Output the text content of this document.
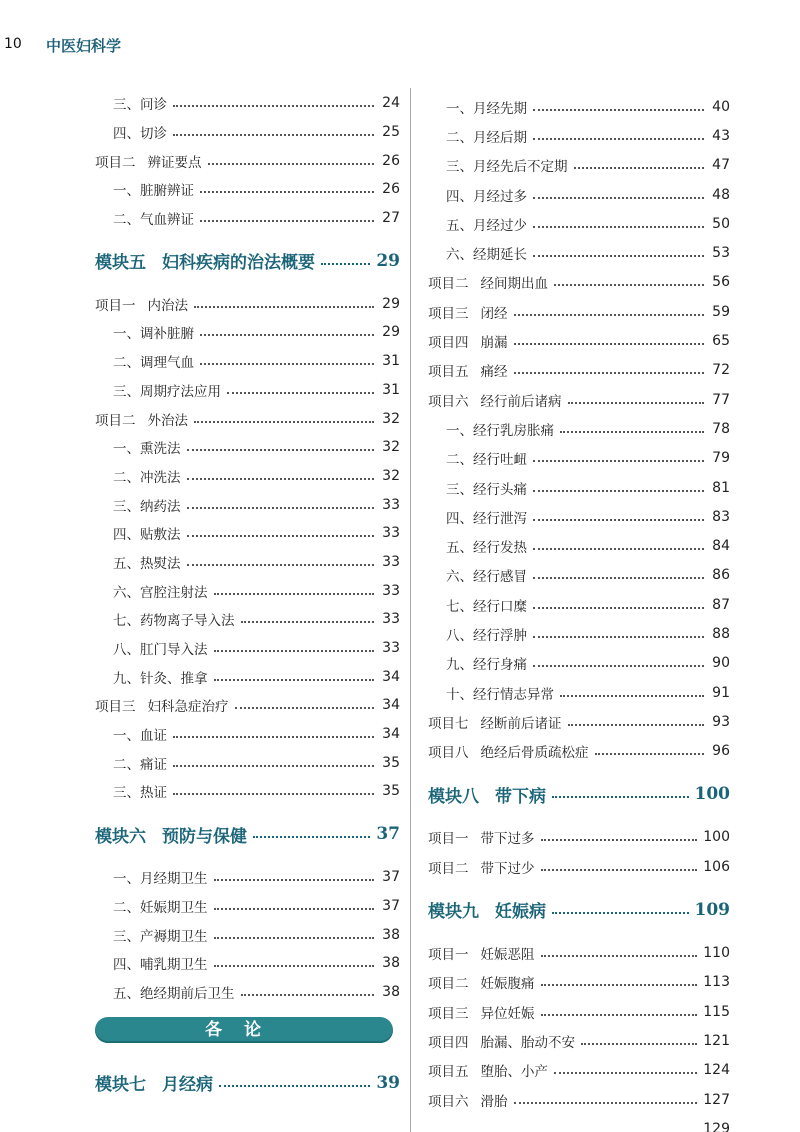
10 中医妇科学
三、问诊	24
四、切诊	25
项目二 辨证要点	26
一、脏腑辨证	26
二、气血辨证	27
模块五 妇科疾病的治法概要	29
项目一 内治法	29
一、调补脏腑	29
二、调理气血	31
三、周期疗法应用	31
项目二 外治法	32
一、熏洗法	32
二、冲洗法	32
三、纳药法	33
四、贴敷法	33
五、热熨法	33
六、宫腔注射法	33
七、药物离子导入法	33
八、肛门导入法	33
九、针灸、推拿	34
项目三 妇科急症治疗	34
一、血证	34
二、痛证	35
三、热证	35
模块六 预防与保健	37
一、月经期卫生	37
二、妊娠期卫生	37
三、产褥期卫生	38
四、哺乳期卫生	38
五、绝经期前后卫生	38
各论
模块七 月经病	39
一、月经先期	40
二、月经后期	43
三、月经先后不定期	47
四、月经过多	48
五、月经过少	50
六、经期延长	53
项目二 经间期出血	56
项目三 闭经	59
项目四 崩漏	65
项目五 痛经	72
项目六 经行前后诸病	77
一、经行乳房胀痛	78
二、经行吐衄	79
三、经行头痛	81
四、经行泄泻	83
五、经行发热	84
六、经行感冒	86
七、经行口糜	87
八、经行浮肿	88
九、经行身痛	90
十、经行情志异常	91
项目七 经断前后诸证	93
项目八 绝经后骨质疏松症	96
模块八 带下病	100
项目一 带下过多	100
项目二 带下过少	106
模块九 妊娠病	109
项目一 妊娠恶阻	110
项目二 妊娠腹痛	113
项目三 异位妊娠	115
项目四 胎漏、胎动不安	121
项目五 堕胎、小产	124
项目六 滑胎	127
129
